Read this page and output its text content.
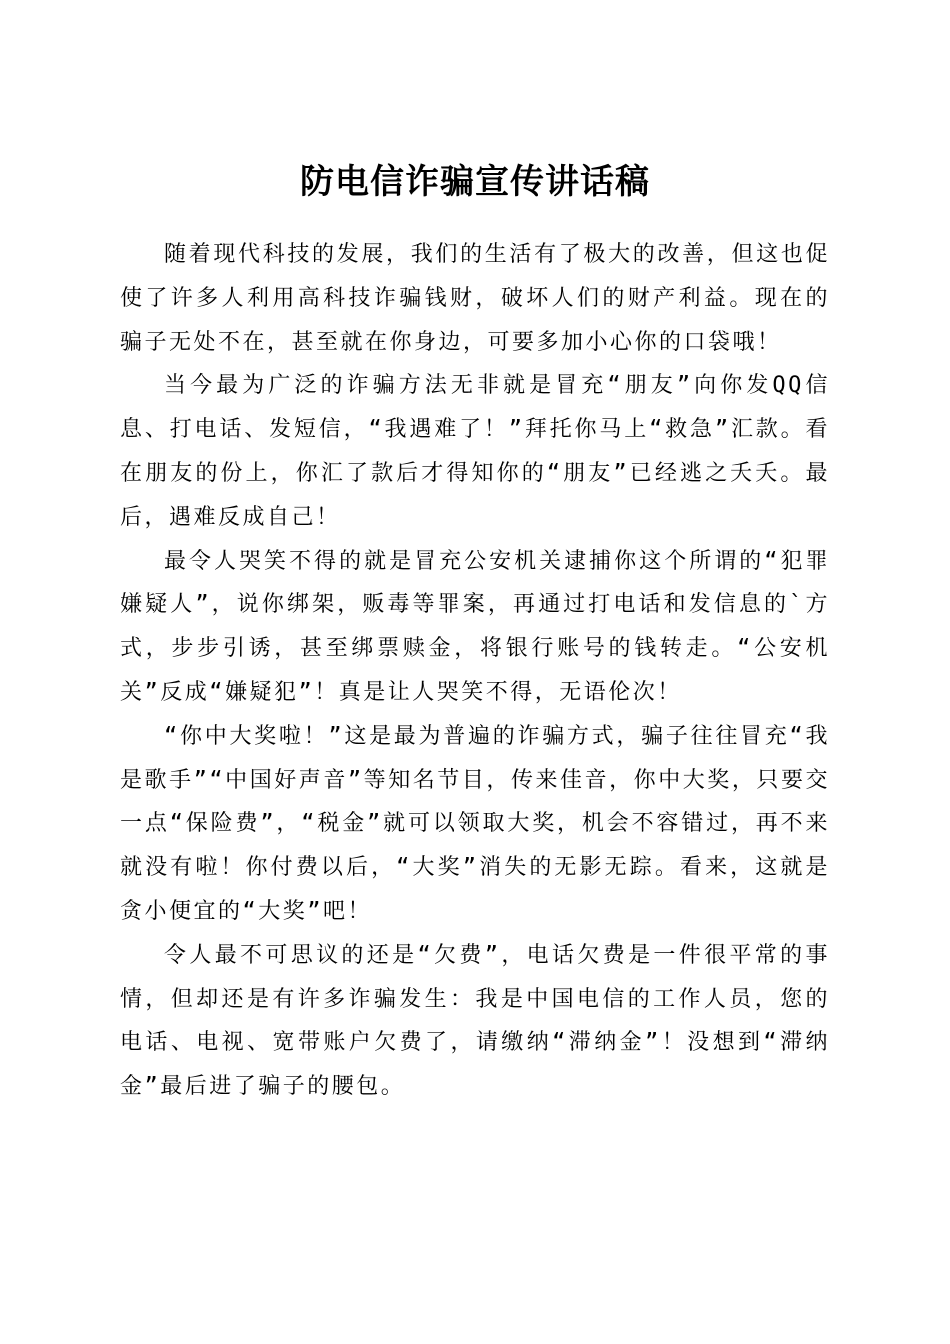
防电信诈骗宣传讲话稿

随着现代科技的发展，我们的生活有了极大的改善，但这也促使了许多人利用高科技诈骗钱财，破坏人们的财产利益。现在的骗子无处不在，甚至就在你身边，可要多加小心你的口袋哦！

当今最为广泛的诈骗方法无非就是冒充“朋友”向你发QQ信息、打电话、发短信，“我遇难了！”拜托你马上“救急”汇款。看在朋友的份上，你汇了款后才得知你的“朋友”已经逃之夭夭。最后，遇难反成自己！

最令人哭笑不得的就是冒充公安机关逮捕你这个所谓的“犯罪嫌疑人”，说你绑架，贩毒等罪案，再通过打电话和发信息的`方式，步步引诱，甚至绑票赎金，将银行账号的钱转走。“公安机关”反成“嫌疑犯”！真是让人哭笑不得，无语伦次！

“你中大奖啦！”这是最为普遍的诈骗方式，骗子往往冒充“我是歌手”“中国好声音”等知名节目，传来佳音，你中大奖，只要交一点“保险费”，“税金”就可以领取大奖，机会不容错过，再不来就没有啦！你付费以后，“大奖”消失的无影无踪。看来，这就是贪小便宜的“大奖”吧！

令人最不可思议的还是“欠费”，电话欠费是一件很平常的事情，但却还是有许多诈骗发生：我是中国电信的工作人员，您的电话、电视、宽带账户欠费了，请缴纳“滞纳金”！没想到“滞纳金”最后进了骗子的腰包。
